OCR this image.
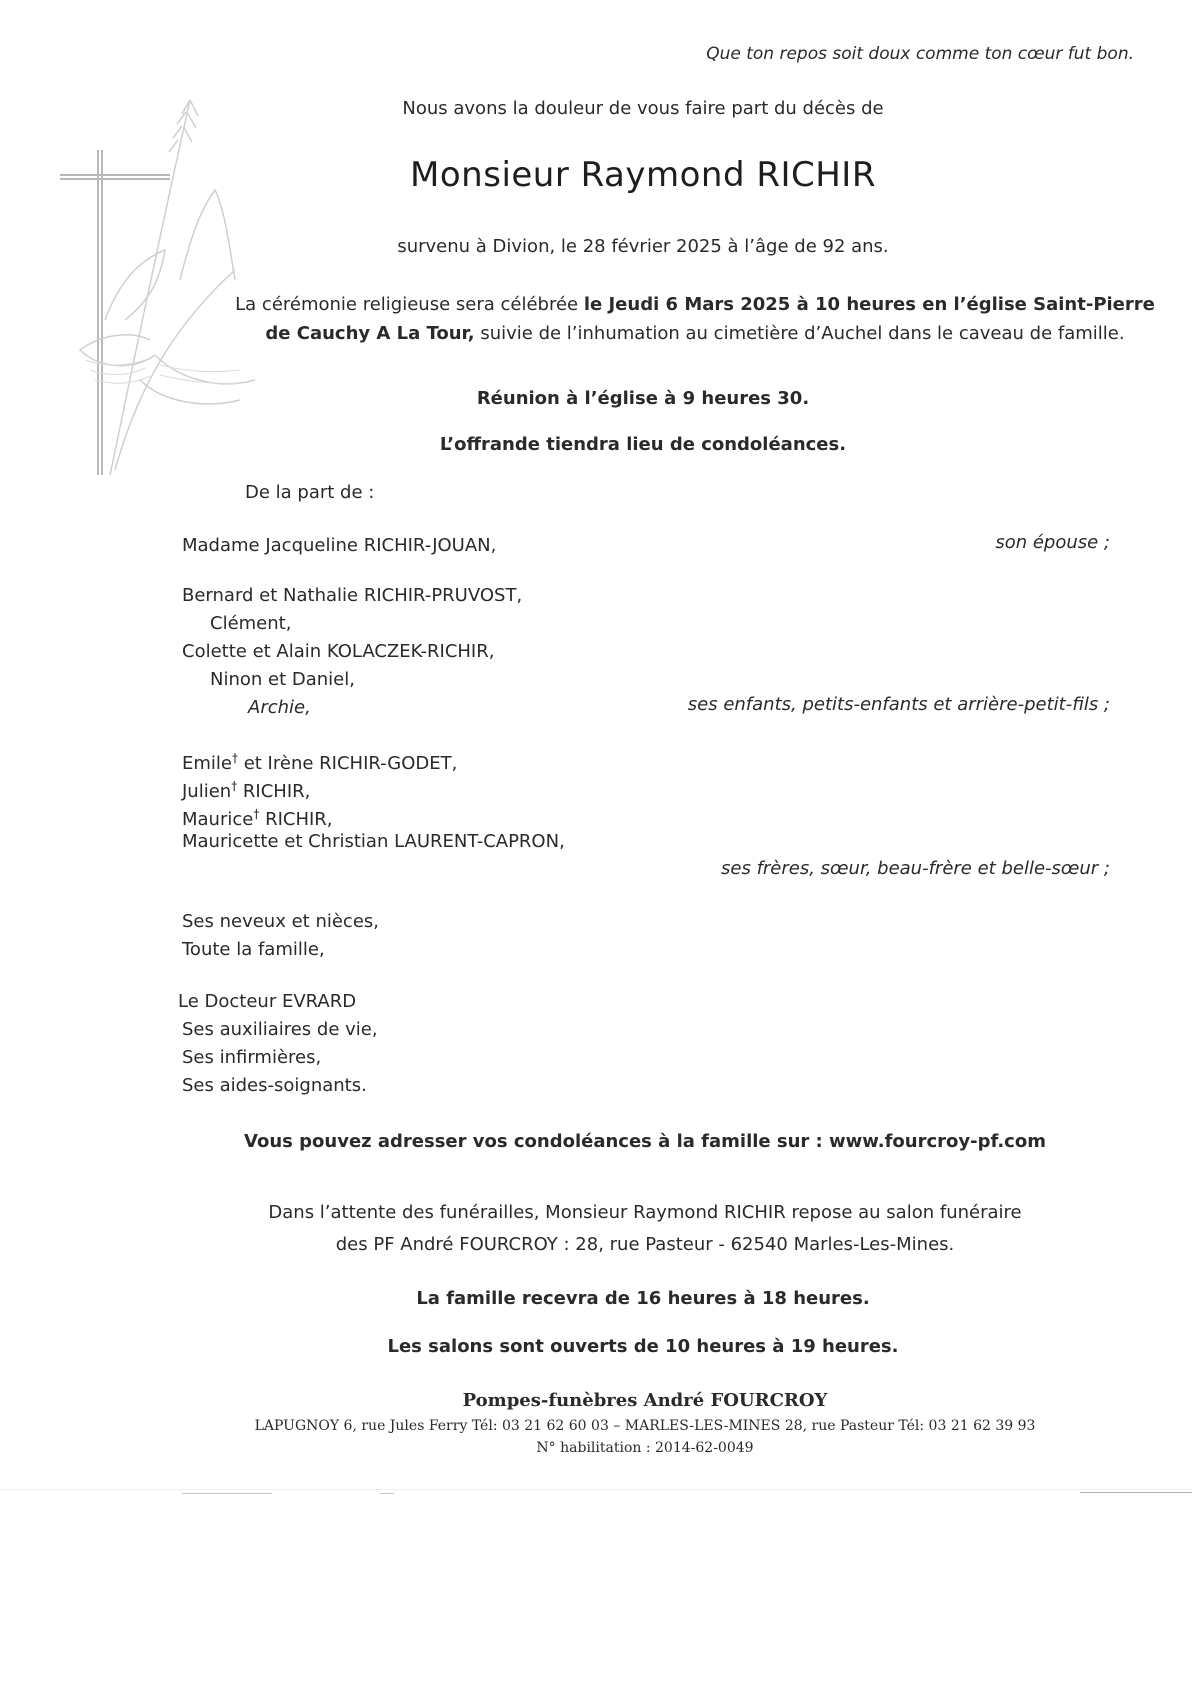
Que ton repos soit doux comme ton cœur fut bon.
Nous avons la douleur de vous faire part du décès de
Monsieur Raymond RICHIR
survenu à Divion, le 28 février 2025 à l’âge de 92 ans.
La cérémonie religieuse sera célébrée le Jeudi 6 Mars 2025 à 10 heures en l’église Saint-Pierre de Cauchy A La Tour, suivie de l’inhumation au cimetière d’Auchel dans le caveau de famille.
Réunion à l’église à 9 heures 30.
L’offrande tiendra lieu de condoléances.
De la part de :
Madame Jacqueline RICHIR-JOUAN,	son épouse ;
Bernard et Nathalie RICHIR-PRUVOST,
Clément,
Colette et Alain KOLACZEK-RICHIR,
Ninon et Daniel,
Archie,	ses enfants, petits-enfants et arrière-petit-fils ;
Emile† et Irène RICHIR-GODET,
Julien† RICHIR,
Maurice† RICHIR,
Mauricette et Christian LAURENT-CAPRON,
ses frères, sœur, beau-frère et belle-sœur ;
Ses neveux et nièces,
Toute la famille,
Le Docteur EVRARD
Ses auxiliaires de vie,
Ses infirmières,
Ses aides-soignants.
Vous pouvez adresser vos condoléances à la famille sur : www.fourcroy-pf.com
Dans l’attente des funérailles, Monsieur Raymond RICHIR repose au salon funéraire
des PF André FOURCROY : 28, rue Pasteur - 62540 Marles-Les-Mines.
La famille recevra de 16 heures à 18 heures.
Les salons sont ouverts de 10 heures à 19 heures.
Pompes-funèbres André FOURCROY
LAPUGNOY 6, rue Jules Ferry Tél: 03 21 62 60 03 – MARLES-LES-MINES 28, rue Pasteur Tél: 03 21 62 39 93
N° habilitation : 2014-62-0049
